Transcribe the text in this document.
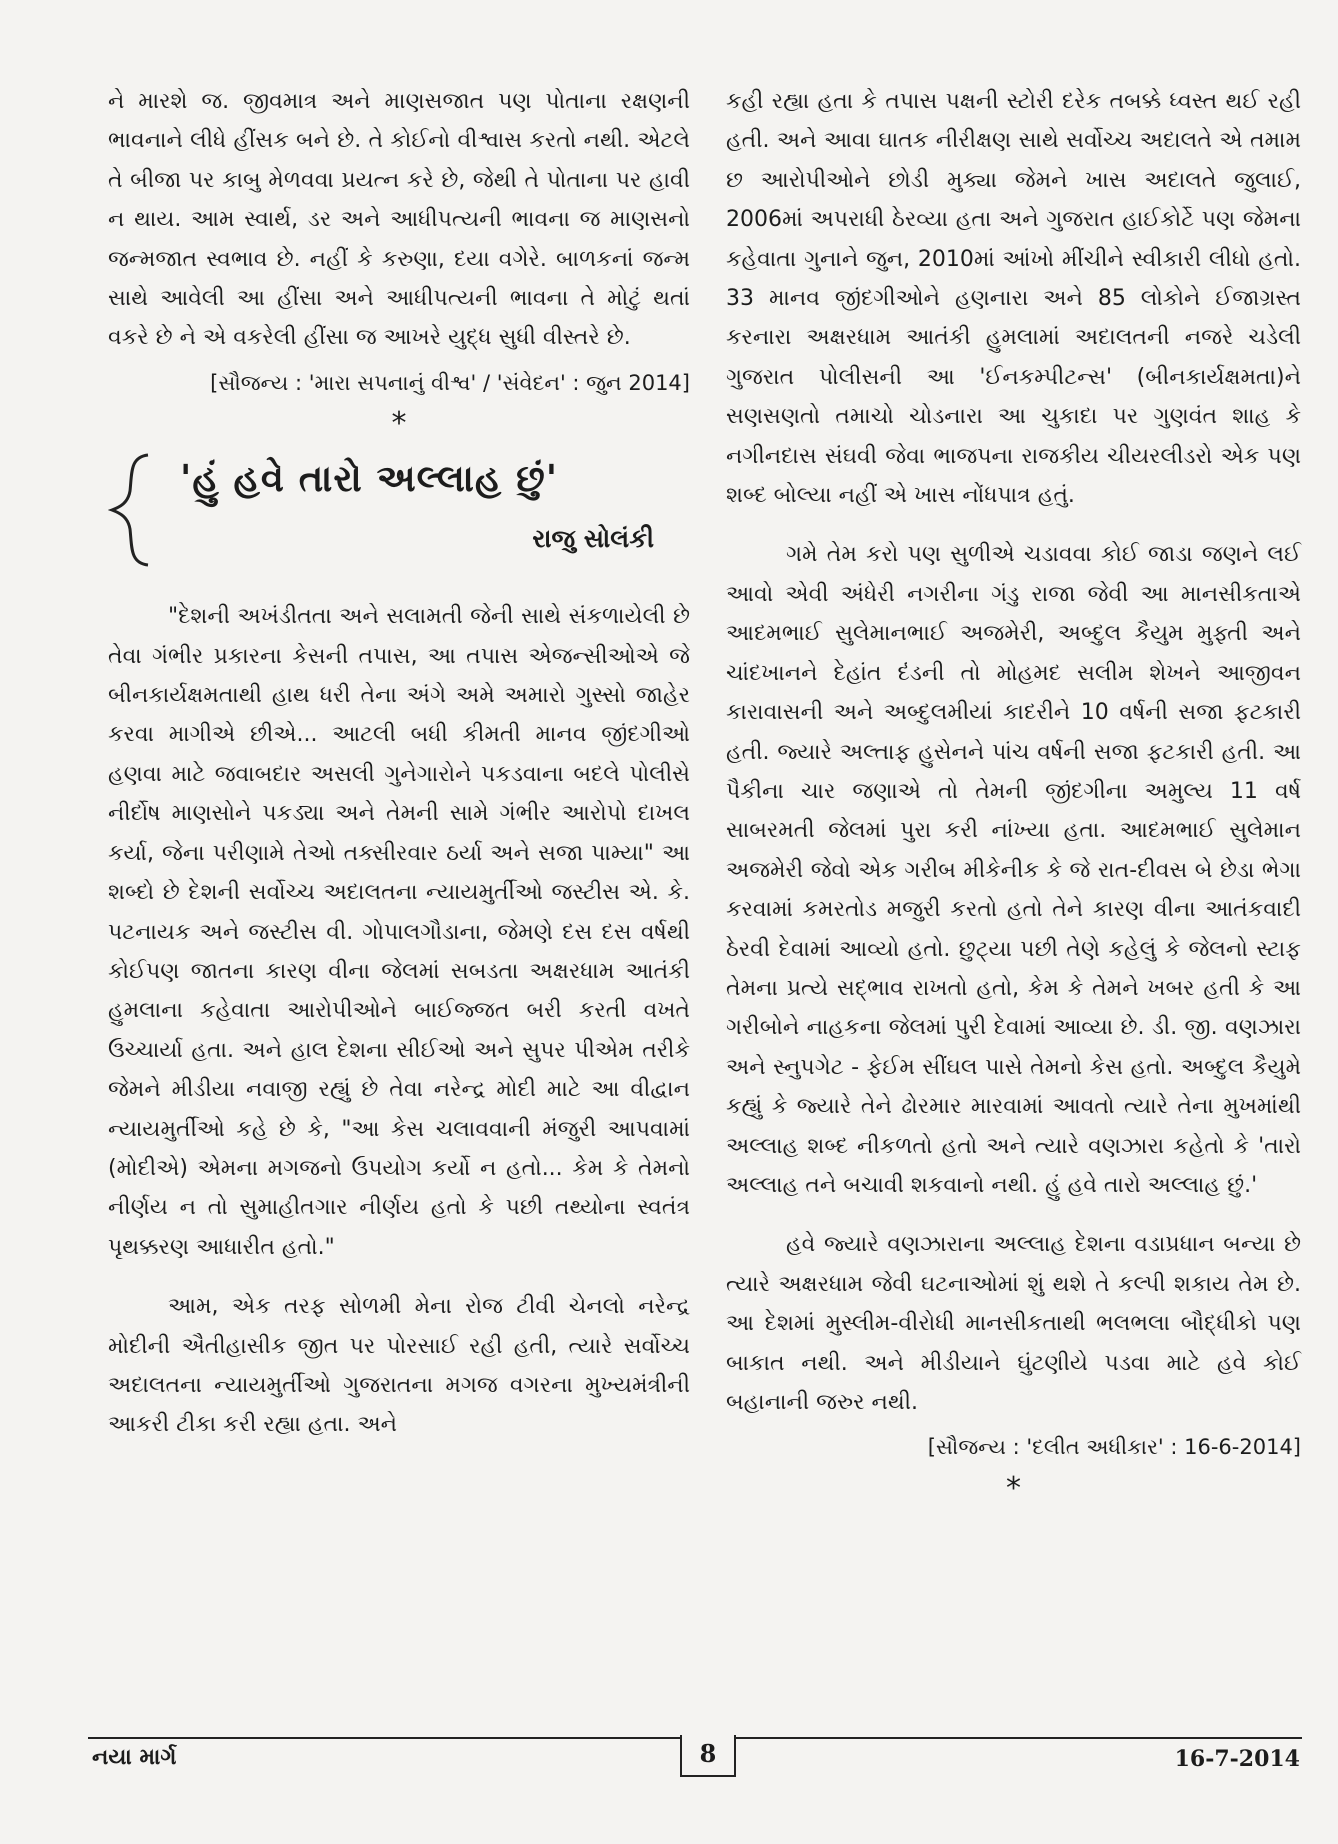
ને મારશે જ. જીવમાત્ર અને માણસજાત પણ પોતાના રક્ષણની ભાવનાને લીધે હીંસક બને છે. તે કોઈનો વીશ્વાસ કરતો નથી. એટલે તે બીજા પર કાબુ મેળવવા પ્રયત્ન કરે છે, જેથી તે પોતાના પર હાવી ન થાય. આમ સ્વાર્થ, ડર અને આધીપત્યની ભાવના જ માણસનો જન્મજાત સ્વભાવ છે. નહીં કે કરુણા, દયા વગેરે. બાળકનાં જન્મ સાથે આવેલી આ હીંસા અને આધીપત્યની ભાવના તે મોટું થતાં વકરે છે ને એ વકરેલી હીંસા જ આખરે યુદ્ધ સુધી વીસ્તરે છે.

[સૌજન્ય : 'મારા સપનાનું વીશ્વ' / 'સંવેદન' : જુન 2014]

*

'હું હવે તારો અલ્લાહ છું'
રાજુ સોલંકી

"દેશની અખંડીતતા અને સલામતી જેની સાથે સંકળાયેલી છે તેવા ગંભીર પ્રકારના કેસની તપાસ, આ તપાસ એજન્સીઓએ જે બીનકાર્યક્ષમતાથી હાથ ધરી તેના અંગે અમે અમારો ગુસ્સો જાહેર કરવા માગીએ છીએ... આટલી બધી કીમતી માનવ જીંદગીઓ હણવા માટે જવાબદાર અસલી ગુનેગારોને પકડવાના બદલે પોલીસે નીર્દોષ માણસોને પકડ્યા અને તેમની સામે ગંભીર આરોપો દાખલ કર્યા, જેના પરીણામે તેઓ તક્સીરવાર ઠર્યા અને સજા પામ્યા" આ શબ્દો છે દેશની સર્વોચ્ચ અદાલતના ન્યાયમુર્તીઓ જસ્ટીસ એ. કે. પટનાયક અને જસ્ટીસ વી. ગોપાલગૌડાના, જેમણે દસ દસ વર્ષથી કોઈપણ જાતના કારણ વીના જેલમાં સબડતા અક્ષરધામ આતંકી હુમલાના કહેવાતા આરોપીઓને બાઈજ્જત બરી કરતી વખતે ઉચ્ચાર્યા હતા. અને હાલ દેશના સીઈઓ અને સુપર પીએમ તરીકે જેમને મીડીયા નવાજી રહ્યું છે તેવા નરેન્દ્ર મોદી માટે આ વીદ્વાન ન્યાયમુર્તીઓ કહે છે કે, "આ કેસ ચલાવવાની મંજુરી આપવામાં (મોદીએ) એમના મગજનો ઉપયોગ કર્યો ન હતો... કેમ કે તેમનો નીર્ણય ન તો સુમાહીતગાર નીર્ણય હતો કે પછી તથ્યોના સ્વતંત્ર પૃથક્કરણ આધારીત હતો."

આમ, એક તરફ સોળમી મેના રોજ ટીવી ચેનલો નરેન્દ્ર મોદીની ઐતીહાસીક જીત પર પોરસાઈ રહી હતી, ત્યારે સર્વોચ્ચ અદાલતના ન્યાયમુર્તીઓ ગુજરાતના મગજ વગરના મુખ્યમંત્રીની આકરી ટીકા કરી રહ્યા હતા. અને

કહી રહ્યા હતા કે તપાસ પક્ષની સ્ટોરી દરેક તબક્કે ધ્વસ્ત થઈ રહી હતી. અને આવા ઘાતક નીરીક્ષણ સાથે સર્વોચ્ચ અદાલતે એ તમામ છ આરોપીઓને છોડી મુક્યા જેમને ખાસ અદાલતે જુલાઈ, 2006માં અપરાધી ઠેરવ્યા હતા અને ગુજરાત હાઈકોર્ટે પણ જેમના કહેવાતા ગુનાને જુન, 2010માં આંખો મીંચીને સ્વીકારી લીધો હતો. 33 માનવ જીંદગીઓને હણનારા અને 85 લોકોને ઈજાગ્રસ્ત કરનારા અક્ષરધામ આતંકી હુમલામાં અદાલતની નજરે ચડેલી ગુજરાત પોલીસની આ 'ઈનકમ્પીટન્સ' (બીનકાર્યક્ષમતા)ને સણસણતો તમાચો ચોડનારા આ ચુકાદા પર ગુણવંત શાહ કે નગીનદાસ સંઘવી જેવા ભાજપના રાજકીય ચીયરલીડરો એક પણ શબ્દ બોલ્યા નહીં એ ખાસ નોંધપાત્ર હતું.

ગમે તેમ કરો પણ સુળીએ ચડાવવા કોઈ જાડા જણને લઈ આવો એવી અંધેરી નગરીના ગંડુ રાજા જેવી આ માનસીકતાએ આદમભાઈ સુલેમાનભાઈ અજમેરી, અબ્દુલ કૈયુમ મુફ્તી અને ચાંદખાનને દેહાંત દંડની તો મોહમદ સલીમ શેખને આજીવન કારાવાસની અને અબ્દુલમીયાં કાદરીને 10 વર્ષની સજા ફટકારી હતી. જ્યારે અલ્તાફ હુસેનને પાંચ વર્ષની સજા ફટકારી હતી. આ પૈકીના ચાર જણાએ તો તેમની જીંદગીના અમુલ્ય 11 વર્ષ સાબરમતી જેલમાં પુરા કરી નાંખ્યા હતા. આદમભાઈ સુલેમાન અજમેરી જેવો એક ગરીબ મીકેનીક કે જે રાત-દીવસ બે છેડા ભેગા કરવામાં કમરતોડ મજુરી કરતો હતો તેને કારણ વીના આતંકવાદી ઠેરવી દેવામાં આવ્યો હતો. છુટ્યા પછી તેણે કહેલું કે જેલનો સ્ટાફ તેમના પ્રત્યે સદ્ભાવ રાખતો હતો, કેમ કે તેમને ખબર હતી કે આ ગરીબોને નાહકના જેલમાં પુરી દેવામાં આવ્યા છે. ડી. જી. વણઝારા અને સ્નુપગેટ - ફેઈમ સીંઘલ પાસે તેમનો કેસ હતો. અબ્દુલ કૈયુમે કહ્યું કે જ્યારે તેને ઢોરમાર મારવામાં આવતો ત્યારે તેના મુખમાંથી અલ્લાહ શબ્દ નીકળતો હતો અને ત્યારે વણઝારા કહેતો કે 'તારો અલ્લાહ તને બચાવી શકવાનો નથી. હું હવે તારો અલ્લાહ છું.'

હવે જ્યારે વણઝારાના અલ્લાહ દેશના વડાપ્રધાન બન્યા છે ત્યારે અક્ષરધામ જેવી ઘટનાઓમાં શું થશે તે કલ્પી શકાય તેમ છે. આ દેશમાં મુસ્લીમ-વીરોધી માનસીકતાથી ભલભલા બૌદ્ધીકો પણ બાકાત નથી. અને મીડીયાને ઘુંટણીયે પડવા માટે હવે કોઈ બહાનાની જરુર નથી.

[સૌજન્ય : 'દલીત અધીકાર' : 16-6-2014]

*

નયા માર્ગ	8	16-7-2014
